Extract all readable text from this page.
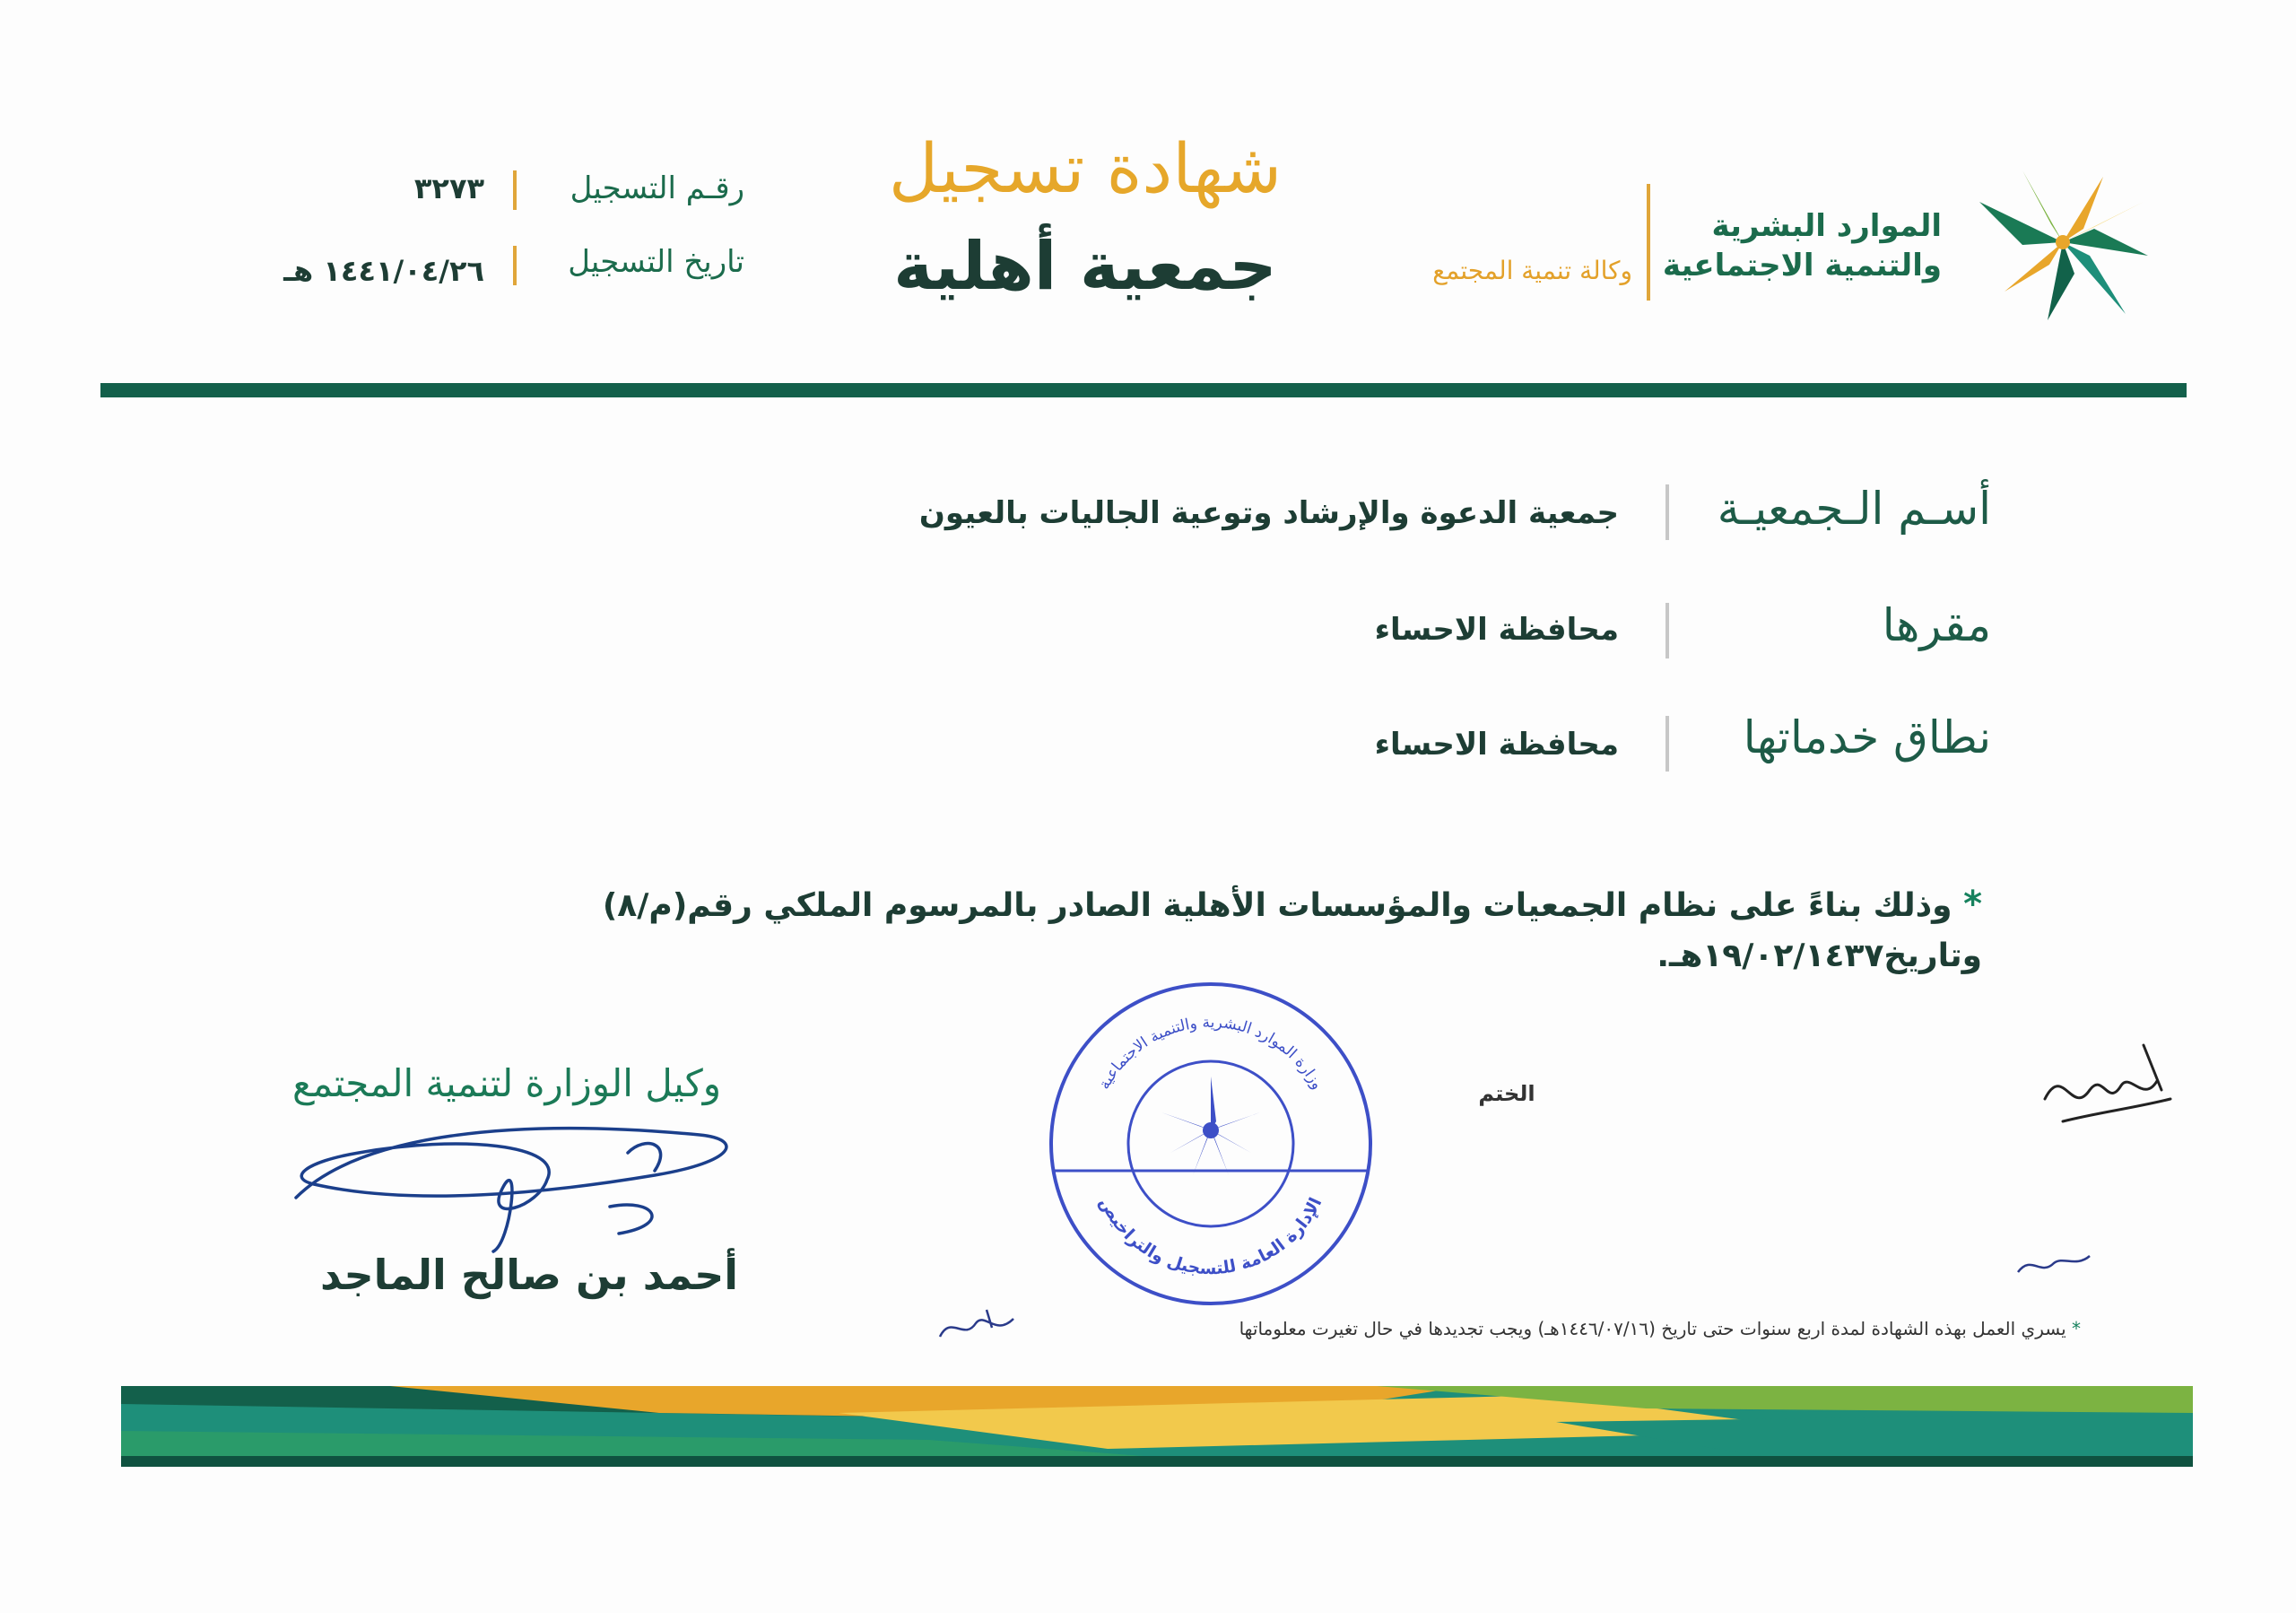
الموارد البشرية
والتنمية الاجتماعية
وكالة تنمية المجتمع
شهادة تسجيل
جمعية أهلية
رقـم التسجيل
٣٢٧٣
تاريخ التسجيل
١٤٤١/٠٤/٢٦ هـ
أسـم الـجمعيـة
جمعية الدعوة والإرشاد وتوعية الجاليات بالعيون
مقرها
محافظة الاحساء
نطاق خدماتها
محافظة الاحساء
* وذلك بناءً على نظام الجمعيات والمؤسسات الأهلية الصادر بالمرسوم الملكي رقم(م/٨) وتاريخ١٩/٠٢/١٤٣٧هـ.
وكيل الوزارة لتنمية المجتمع
أحمد بن صالح الماجد
الختم
وزارة الموارد البشرية والتنمية الاجتماعية
الإدارة العامة للتسجيل والتراخيص
* يسري العمل بهذه الشهادة لمدة اربع سنوات حتى تاريخ (١٤٤٦/٠٧/١٦هـ) ويجب تجديدها في حال تغيرت معلوماتها
